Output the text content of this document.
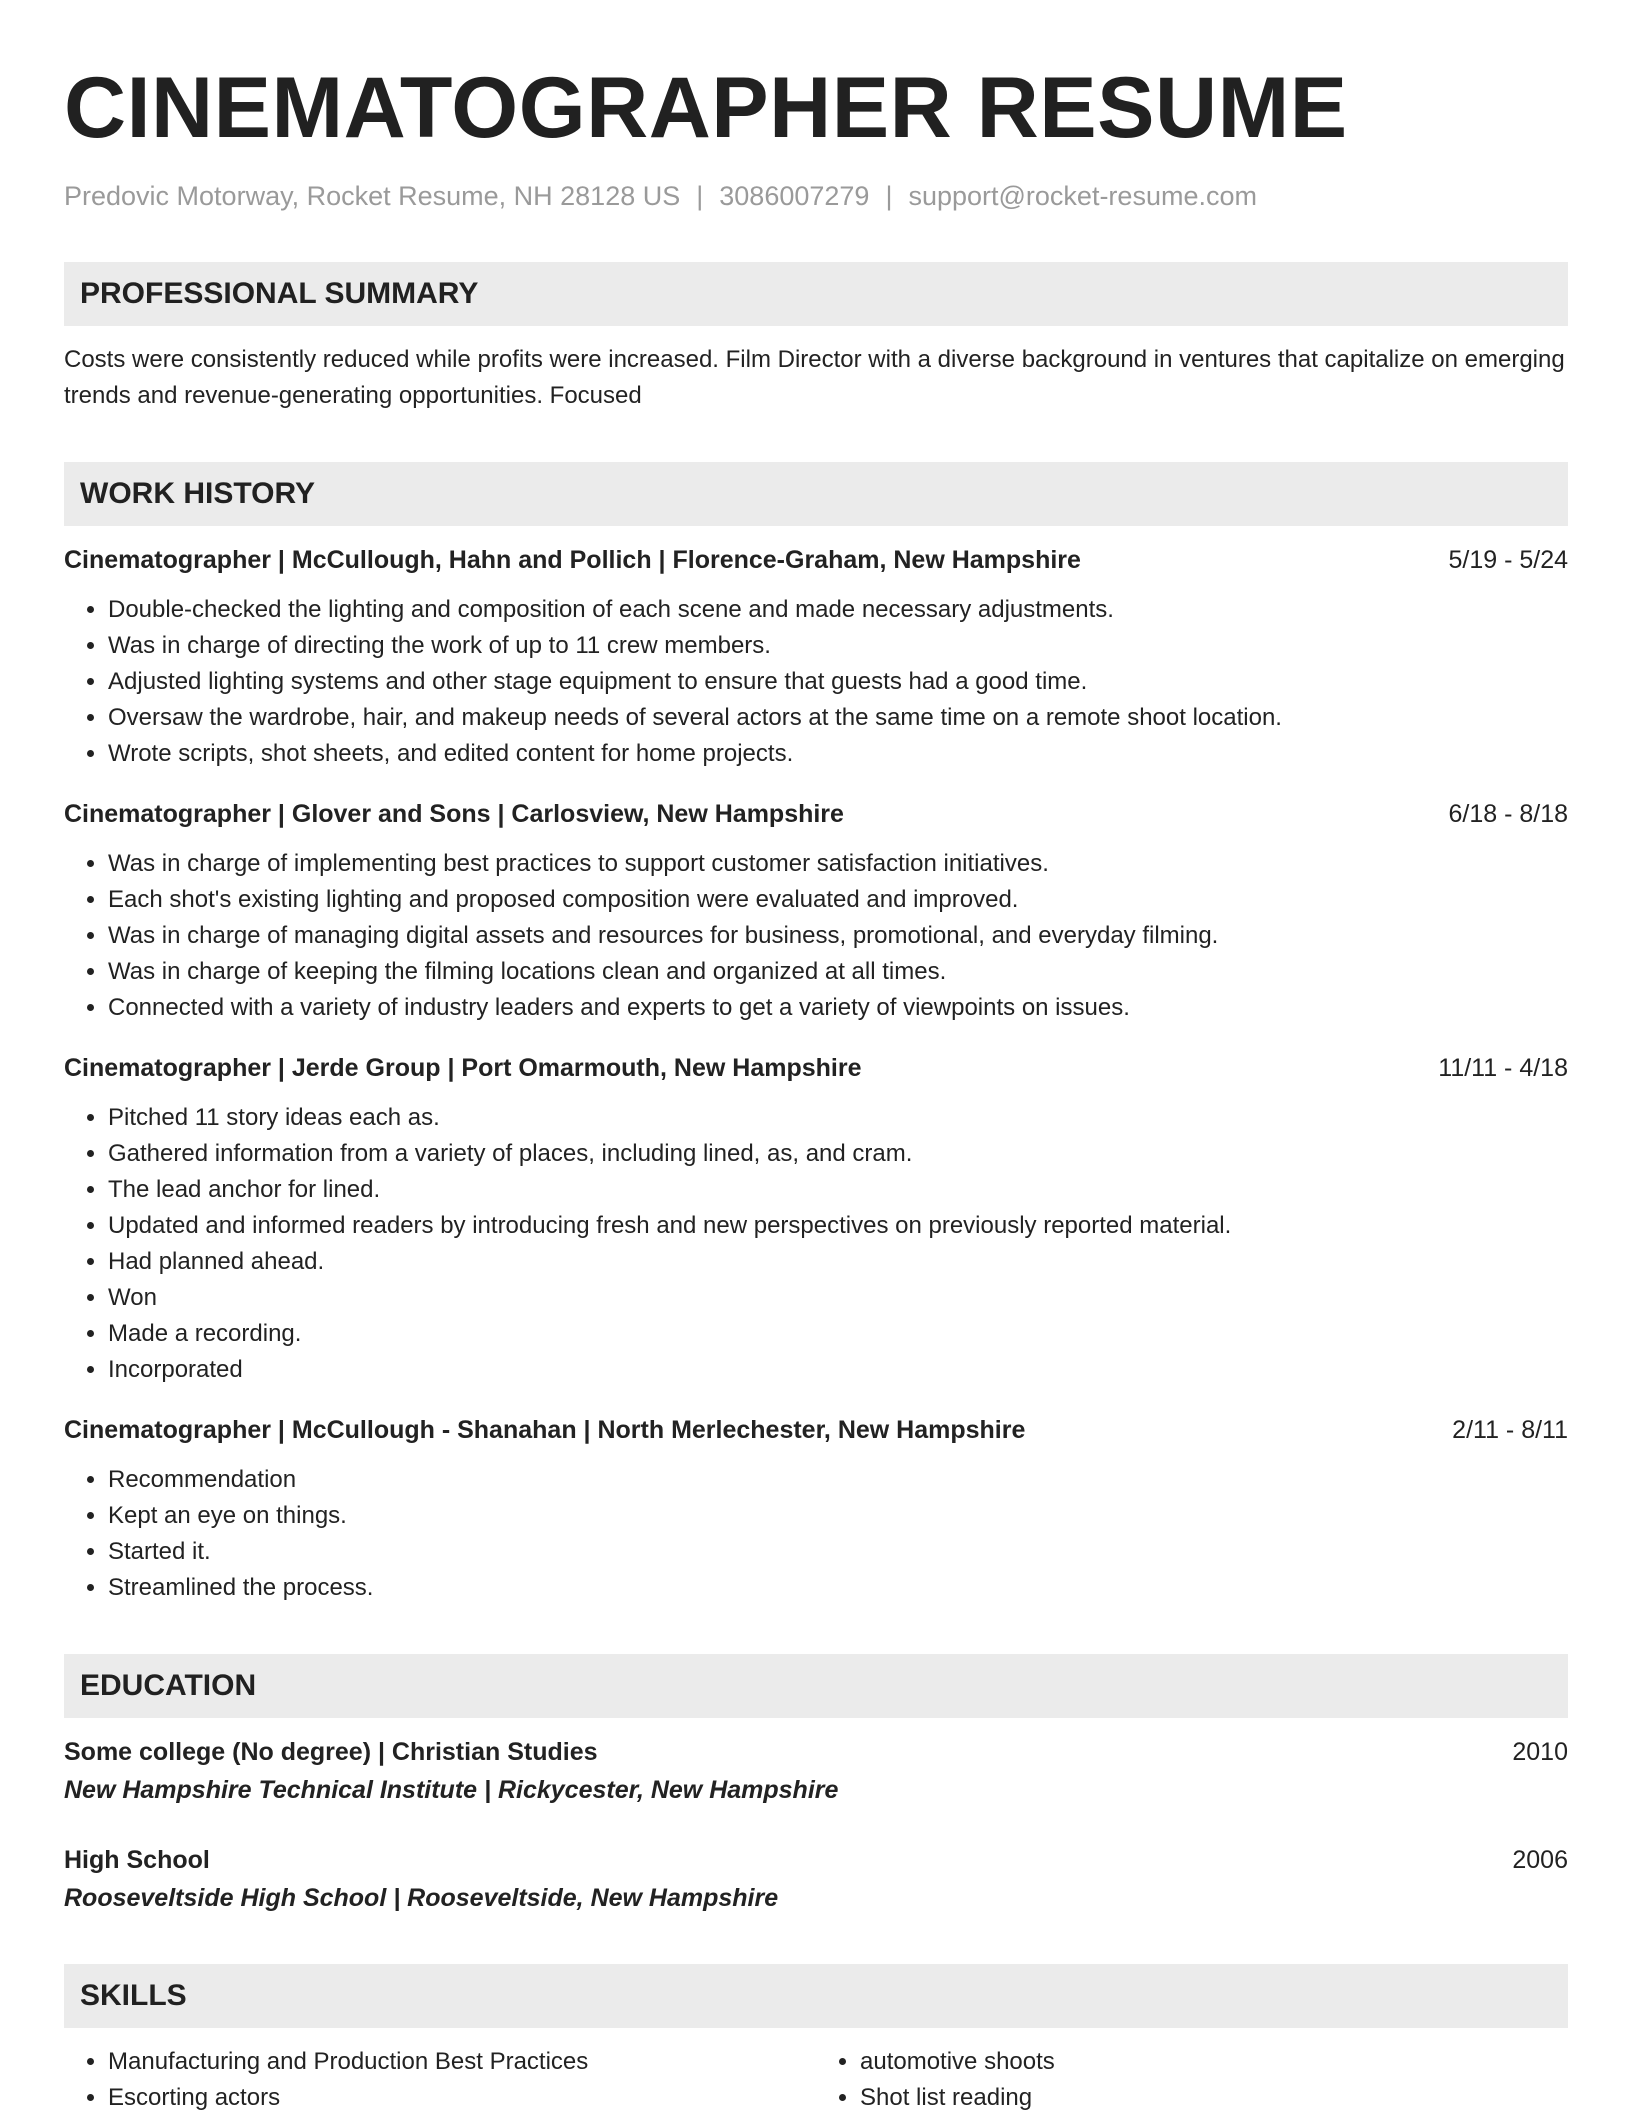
CINEMATOGRAPHER RESUME
Predovic Motorway, Rocket Resume, NH 28128 US | 3086007279 | support@rocket-resume.com
PROFESSIONAL SUMMARY
Costs were consistently reduced while profits were increased. Film Director with a diverse background in ventures that capitalize on emerging trends and revenue-generating opportunities. Focused
WORK HISTORY
Cinematographer | McCullough, Hahn and Pollich | Florence-Graham, New Hampshire	5/19 - 5/24
• Double-checked the lighting and composition of each scene and made necessary adjustments.
• Was in charge of directing the work of up to 11 crew members.
• Adjusted lighting systems and other stage equipment to ensure that guests had a good time.
• Oversaw the wardrobe, hair, and makeup needs of several actors at the same time on a remote shoot location.
• Wrote scripts, shot sheets, and edited content for home projects.
Cinematographer | Glover and Sons | Carlosview, New Hampshire	6/18 - 8/18
• Was in charge of implementing best practices to support customer satisfaction initiatives.
• Each shot's existing lighting and proposed composition were evaluated and improved.
• Was in charge of managing digital assets and resources for business, promotional, and everyday filming.
• Was in charge of keeping the filming locations clean and organized at all times.
• Connected with a variety of industry leaders and experts to get a variety of viewpoints on issues.
Cinematographer | Jerde Group | Port Omarmouth, New Hampshire	11/11 - 4/18
• Pitched 11 story ideas each as.
• Gathered information from a variety of places, including lined, as, and cram.
• The lead anchor for lined.
• Updated and informed readers by introducing fresh and new perspectives on previously reported material.
• Had planned ahead.
• Won
• Made a recording.
• Incorporated
Cinematographer | McCullough - Shanahan | North Merlechester, New Hampshire	2/11 - 8/11
• Recommendation
• Kept an eye on things.
• Started it.
• Streamlined the process.
EDUCATION
Some college (No degree) | Christian Studies	2010
New Hampshire Technical Institute | Rickycester, New Hampshire
High School	2006
Rooseveltside High School | Rooseveltside, New Hampshire
SKILLS
• Manufacturing and Production Best Practices
• Escorting actors
• automotive shoots
• Shot list reading
